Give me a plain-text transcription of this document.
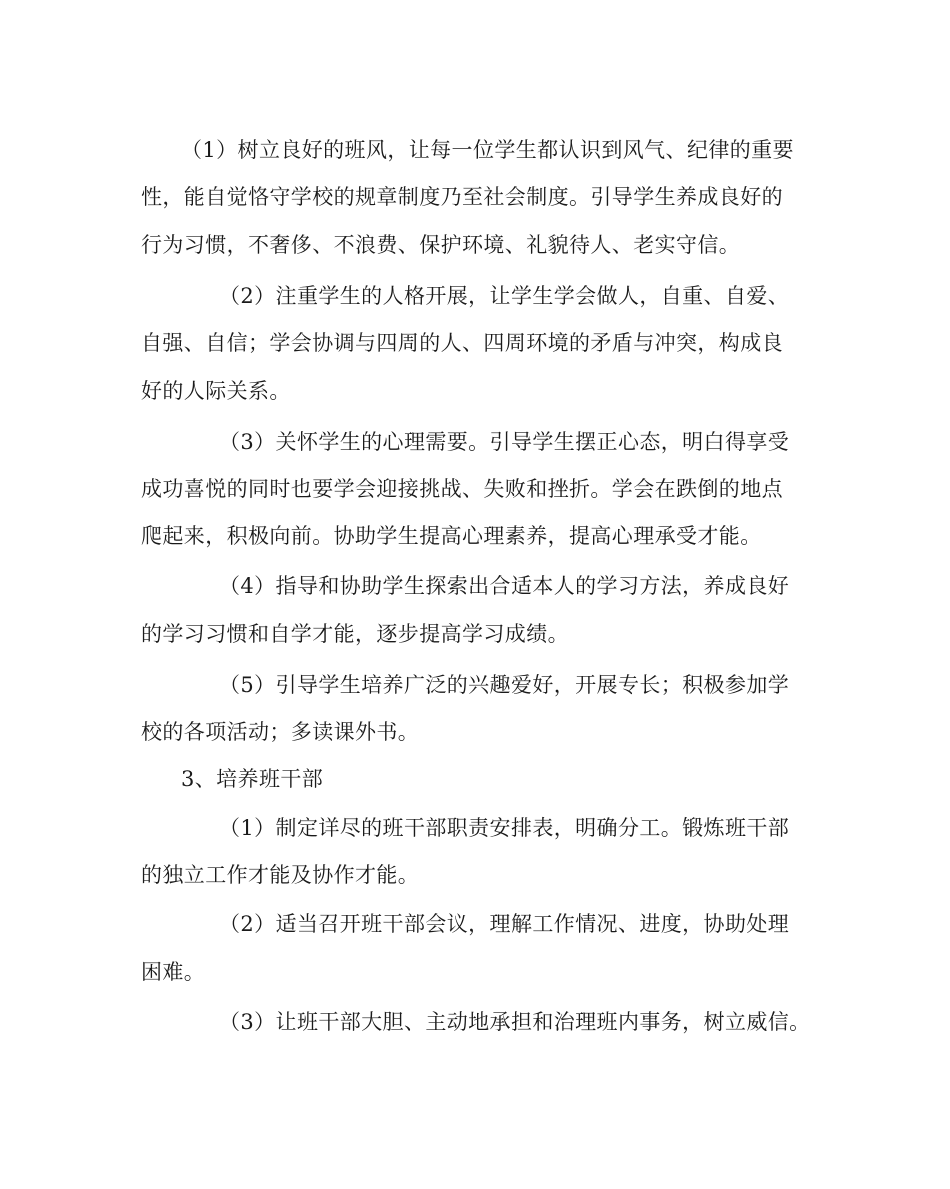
（1）树立良好的班风，让每一位学生都认识到风气、纪律的重要

性，能自觉恪守学校的规章制度乃至社会制度。引导学生养成良好的

行为习惯，不奢侈、不浪费、保护环境、礼貌待人、老实守信。

（2）注重学生的人格开展，让学生学会做人，自重、自爱、

自强、自信；学会协调与四周的人、四周环境的矛盾与冲突，构成良

好的人际关系。

（3）关怀学生的心理需要。引导学生摆正心态，明白得享受

成功喜悦的同时也要学会迎接挑战、失败和挫折。学会在跌倒的地点

爬起来，积极向前。协助学生提高心理素养，提高心理承受才能。

（4）指导和协助学生探索出合适本人的学习方法，养成良好

的学习习惯和自学才能，逐步提高学习成绩。

（5）引导学生培养广泛的兴趣爱好，开展专长；积极参加学

校的各项活动；多读课外书。

3、培养班干部

（1）制定详尽的班干部职责安排表，明确分工。锻炼班干部

的独立工作才能及协作才能。

（2）适当召开班干部会议，理解工作情况、进度，协助处理

困难。

（3）让班干部大胆、主动地承担和治理班内事务，树立威信。
